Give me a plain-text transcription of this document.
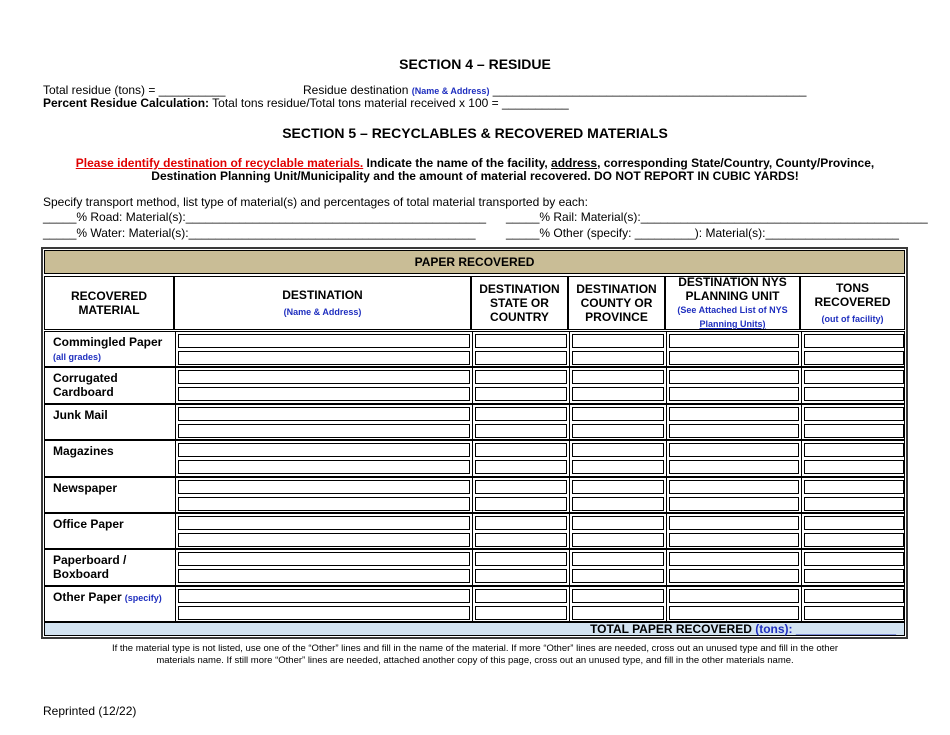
SECTION 4 – RESIDUE
Total residue (tons) = __________	Residue destination (Name & Address) _______________________________________________
Percent Residue Calculation: Total tons residue/Total tons material received x 100 = __________
SECTION 5 – RECYCLABLES & RECOVERED MATERIALS
Please identify destination of recyclable materials. Indicate the name of the facility, address, corresponding State/Country, County/Province,
Destination Planning Unit/Municipality and the amount of material recovered. DO NOT REPORT IN CUBIC YARDS!
Specify transport method, list type of material(s) and percentages of total material transported by each:
_____% Road: Material(s):_____________________________________________ _____% Rail: Material(s):___________________________________________
_____% Water: Material(s):___________________________________________	_____% Other (specify: _________): Material(s):____________________
PAPER RECOVERED
RECOVERED MATERIAL
DESTINATION
(Name & Address)
DESTINATION STATE OR COUNTRY
DESTINATION COUNTY OR PROVINCE
DESTINATION NYS PLANNING UNIT
(See Attached List of NYS
Planning Units)
TONS RECOVERED
(out of facility)
Commingled Paper
(all grades)
Corrugated Cardboard
Junk Mail
Magazines
Newspaper
Office Paper
Paperboard / Boxboard
Other Paper (specify)
TOTAL PAPER RECOVERED (tons): _______________
If the material type is not listed, use one of the “Other” lines and fill in the name of the material. If more “Other” lines are needed, cross out an unused type and fill in the other
materials name. If still more “Other” lines are needed, attached another copy of this page, cross out an unused type, and fill in the other materials name.
Reprinted (12/22)
